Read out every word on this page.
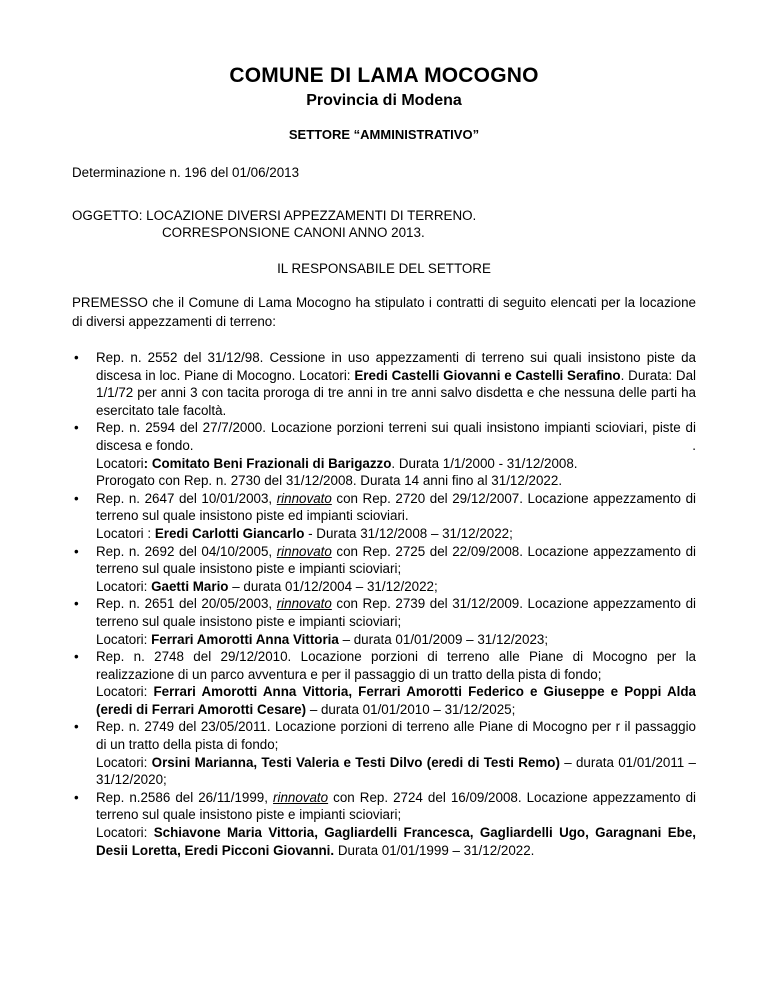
COMUNE DI LAMA MOCOGNO
Provincia di Modena
SETTORE “AMMINISTRATIVO”
Determinazione n. 196 del 01/06/2013
OGGETTO: LOCAZIONE DIVERSI APPEZZAMENTI DI TERRENO.
CORRESPONSIONE CANONI ANNO 2013.
IL RESPONSABILE DEL SETTORE
PREMESSO che il Comune di Lama Mocogno ha stipulato i contratti di seguito elencati per la locazione di diversi appezzamenti di terreno:
• Rep. n. 2552 del 31/12/98. Cessione in uso appezzamenti di terreno sui quali insistono piste da discesa in loc. Piane di Mocogno. Locatori: Eredi Castelli Giovanni e Castelli Serafino. Durata: Dal 1/1/72 per anni 3 con tacita proroga di tre anni in tre anni salvo disdetta e che nessuna delle parti ha esercitato tale facoltà.
• Rep. n. 2594 del 27/7/2000. Locazione porzioni terreni sui quali insistono impianti scioviari, piste di discesa e fondo.	.
Locatori: Comitato Beni Frazionali di Barigazzo. Durata 1/1/2000 - 31/12/2008.
Prorogato con Rep. n. 2730 del 31/12/2008. Durata 14 anni fino al 31/12/2022.
• Rep. n. 2647 del 10/01/2003, rinnovato con Rep. 2720 del 29/12/2007. Locazione appezzamento di terreno sul quale insistono piste ed impianti scioviari.
Locatori : Eredi Carlotti Giancarlo - Durata 31/12/2008 – 31/12/2022;
• Rep. n. 2692 del 04/10/2005, rinnovato con Rep. 2725 del 22/09/2008. Locazione appezzamento di terreno sul quale insistono piste e impianti scioviari;
Locatori: Gaetti Mario – durata 01/12/2004 – 31/12/2022;
• Rep. n. 2651 del 20/05/2003, rinnovato con Rep. 2739 del 31/12/2009. Locazione appezzamento di terreno sul quale insistono piste e impianti scioviari;
Locatori: Ferrari Amorotti Anna Vittoria – durata 01/01/2009 – 31/12/2023;
• Rep. n. 2748 del 29/12/2010. Locazione porzioni di terreno alle Piane di Mocogno per la realizzazione di un parco avventura e per il passaggio di un tratto della pista di fondo;
Locatori: Ferrari Amorotti Anna Vittoria, Ferrari Amorotti Federico e Giuseppe e Poppi Alda (eredi di Ferrari Amorotti Cesare) – durata 01/01/2010 – 31/12/2025;
• Rep. n. 2749 del 23/05/2011. Locazione porzioni di terreno alle Piane di Mocogno per r il passaggio di un tratto della pista di fondo;
Locatori: Orsini Marianna, Testi Valeria e Testi Dilvo (eredi di Testi Remo) – durata 01/01/2011 – 31/12/2020;
• Rep. n.2586 del 26/11/1999, rinnovato con Rep. 2724 del 16/09/2008. Locazione appezzamento di terreno sul quale insistono piste e impianti scioviari;
Locatori: Schiavone Maria Vittoria, Gagliardelli Francesca, Gagliardelli Ugo, Garagnani Ebe, Desii Loretta, Eredi Picconi Giovanni. Durata 01/01/1999 – 31/12/2022.
